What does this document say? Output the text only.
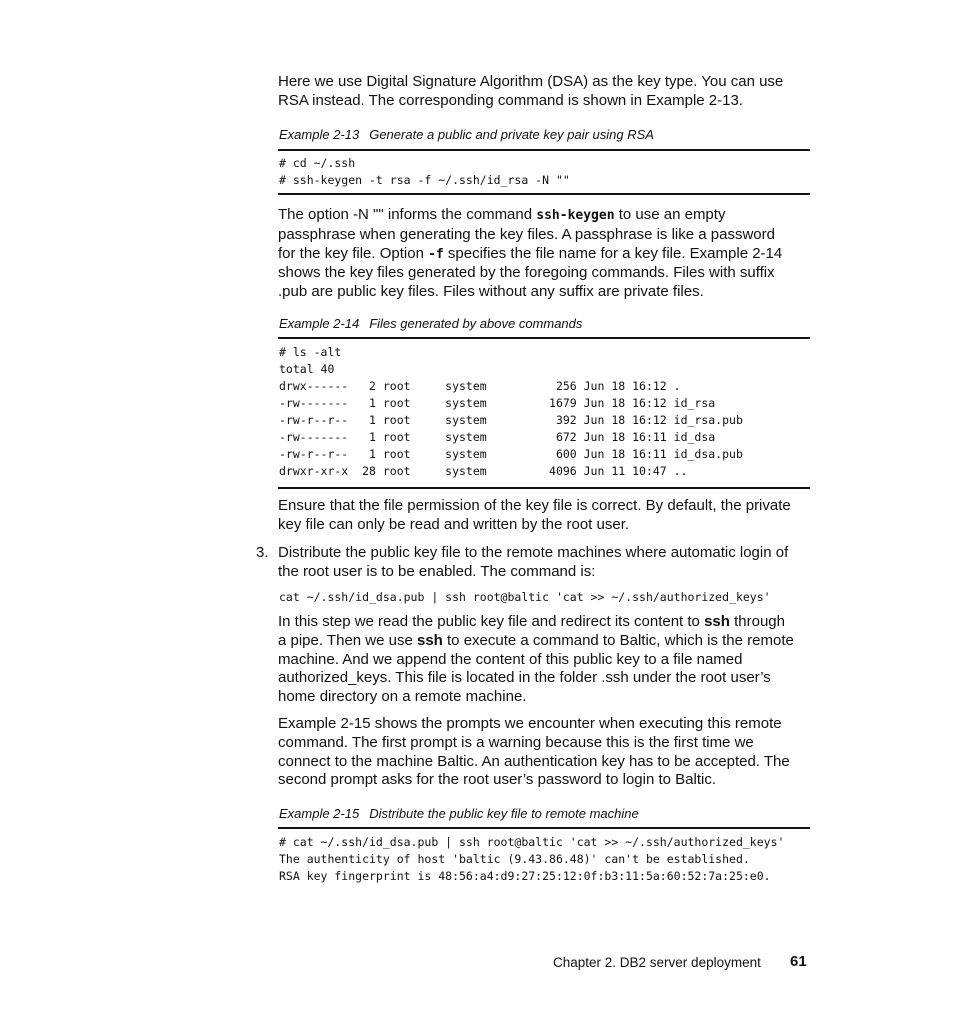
Here we use Digital Signature Algorithm (DSA) as the key type. You can use
RSA instead. The corresponding command is shown in Example 2-13.

Example 2-13 Generate a public and private key pair using RSA

# cd ~/.ssh
# ssh-keygen -t rsa -f ~/.ssh/id_rsa -N ""

The option -N "" informs the command ssh-keygen to use an empty
passphrase when generating the key files. A passphrase is like a password
for the key file. Option -f specifies the file name for a key file. Example 2-14
shows the key files generated by the foregoing commands. Files with suffix
.pub are public key files. Files without any suffix are private files.

Example 2-14 Files generated by above commands

# ls -alt
total 40
drwx------   2 root     system          256 Jun 18 16:12 .
-rw-------   1 root     system         1679 Jun 18 16:12 id_rsa
-rw-r--r--   1 root     system          392 Jun 18 16:12 id_rsa.pub
-rw-------   1 root     system          672 Jun 18 16:11 id_dsa
-rw-r--r--   1 root     system          600 Jun 18 16:11 id_dsa.pub
drwxr-xr-x  28 root     system         4096 Jun 11 10:47 ..

Ensure that the file permission of the key file is correct. By default, the private
key file can only be read and written by the root user.

3. Distribute the public key file to the remote machines where automatic login of
the root user is to be enabled. The command is:

cat ~/.ssh/id_dsa.pub | ssh root@baltic 'cat >> ~/.ssh/authorized_keys'

In this step we read the public key file and redirect its content to ssh through
a pipe. Then we use ssh to execute a command to Baltic, which is the remote
machine. And we append the content of this public key to a file named
authorized_keys. This file is located in the folder .ssh under the root user’s
home directory on a remote machine.

Example 2-15 shows the prompts we encounter when executing this remote
command. The first prompt is a warning because this is the first time we
connect to the machine Baltic. An authentication key has to be accepted. The
second prompt asks for the root user’s password to login to Baltic.

Example 2-15 Distribute the public key file to remote machine

# cat ~/.ssh/id_dsa.pub | ssh root@baltic 'cat >> ~/.ssh/authorized_keys'
The authenticity of host 'baltic (9.43.86.48)' can't be established.
RSA key fingerprint is 48:56:a4:d9:27:25:12:0f:b3:11:5a:60:52:7a:25:e0.
Chapter 2. DB2 server deployment 61
